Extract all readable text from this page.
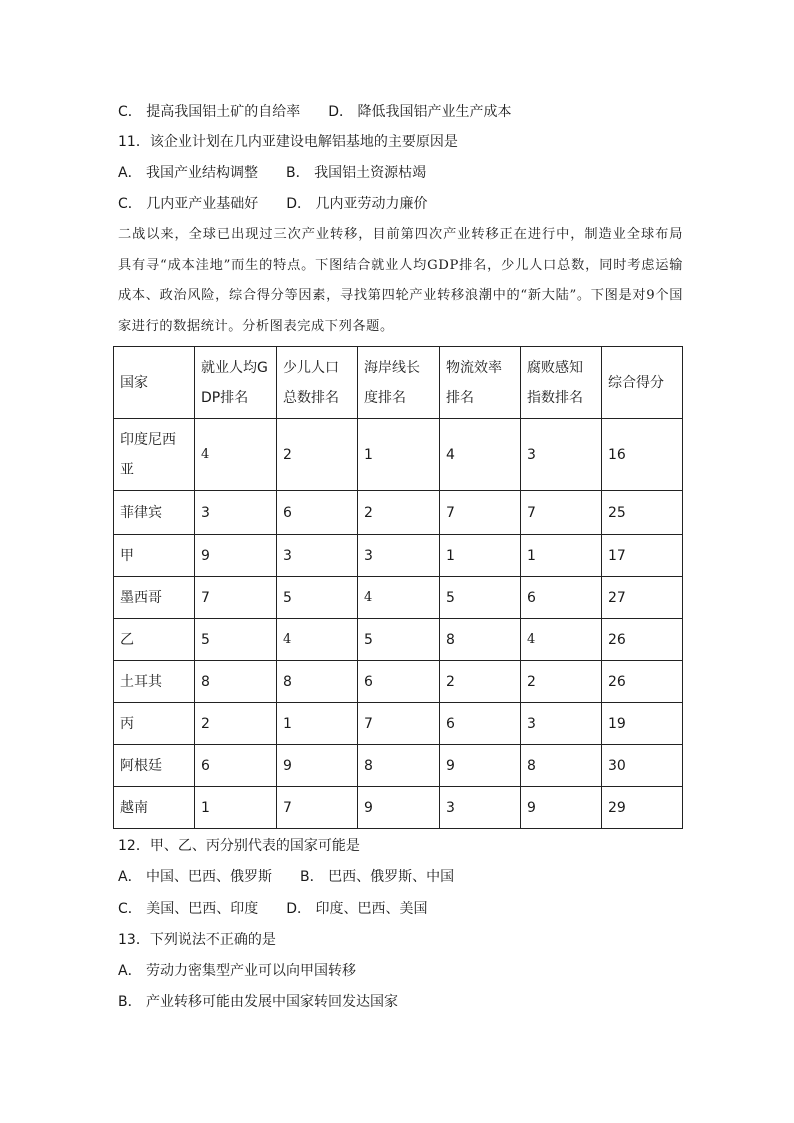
C． 提高我国铝土矿的自给率 D． 降低我国铝产业生产成本
11．该企业计划在几内亚建设电解铝基地的主要原因是
A． 我国产业结构调整 B． 我国铝土资源枯竭
C． 几内亚产业基础好 D． 几内亚劳动力廉价
二战以来，全球已出现过三次产业转移，目前第四次产业转移正在进行中，制造业全球布局具有寻“成本洼地”而生的特点。下图结合就业人均GDP排名，少儿人口总数，同时考虑运输成本、政治风险，综合得分等因素，寻找第四轮产业转移浪潮中的“新大陆”。下图是对9个国家进行的数据统计。分析图表完成下列各题。
国家	就业人均GDP排名	少儿人口总数排名	海岸线长度排名	物流效率排名	腐败感知指数排名	综合得分
印度尼西亚	4	2	1	4	3	16
菲律宾	3	6	2	7	7	25
甲	9	3	3	1	1	17
墨西哥	7	5	4	5	6	27
乙	5	4	5	8	4	26
土耳其	8	8	6	2	2	26
丙	2	1	7	6	3	19
阿根廷	6	9	8	9	8	30
越南	1	7	9	3	9	29
12．甲、乙、丙分别代表的国家可能是
A． 中国、巴西、俄罗斯 B． 巴西、俄罗斯、中国
C． 美国、巴西、印度 D． 印度、巴西、美国
13．下列说法不正确的是
A． 劳动力密集型产业可以向甲国转移
B． 产业转移可能由发展中国家转回发达国家
